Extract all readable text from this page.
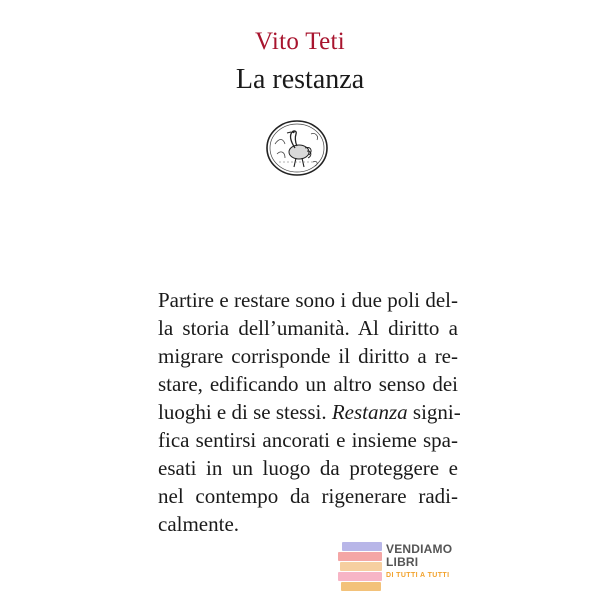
Vito Teti
La restanza
Partire e restare sono i due poli del-
la storia dell’umanità. Al diritto a
migrare corrisponde il diritto a re-
stare, edificando un altro senso dei
luoghi e di se stessi. Restanza signi-
fica sentirsi ancorati e insieme spa-
esati in un luogo da proteggere e
nel contempo da rigenerare radi-
calmente.
VENDIAMO
LIBRI
DI TUTTI A TUTTI
